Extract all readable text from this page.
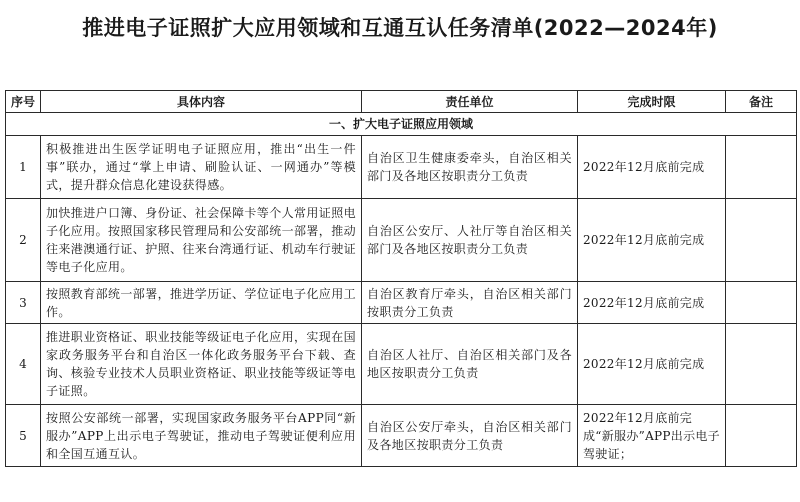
推进电子证照扩大应用领域和互通互认任务清单(2022—2024年)
序号	具体内容	责任单位	完成时限	备注
一、扩大电子证照应用领域				
1	积极推进出生医学证明电子证照应用，推出“出生一件事”联办，通过“掌上申请、刷脸认证、一网通办”等模式，提升群众信息化建设获得感。	自治区卫生健康委牵头，自治区相关部门及各地区按职责分工负责	2022年12月底前完成	
2	加快推进户口簿、身份证、社会保障卡等个人常用证照电子化应用。按照国家移民管理局和公安部统一部署，推动往来港澳通行证、护照、往来台湾通行证、机动车行驶证等电子化应用。	自治区公安厅、人社厅等自治区相关部门及各地区按职责分工负责	2022年12月底前完成	
3	按照教育部统一部署，推进学历证、学位证电子化应用工作。	自治区教育厅牵头，自治区相关部门按职责分工负责	2022年12月底前完成	
4	推进职业资格证、职业技能等级证电子化应用，实现在国家政务服务平台和自治区一体化政务服务平台下载、查询、核验专业技术人员职业资格证、职业技能等级证等电子证照。	自治区人社厅、自治区相关部门及各地区按职责分工负责	2022年12月底前完成	
5	按照公安部统一部署，实现国家政务服务平台APP同“新服办”APP上出示电子驾驶证，推动电子驾驶证便利应用和全国互通互认。	自治区公安厅牵头，自治区相关部门及各地区按职责分工负责	2022年12月底前完成“新服办”APP出示电子驾驶证；	
